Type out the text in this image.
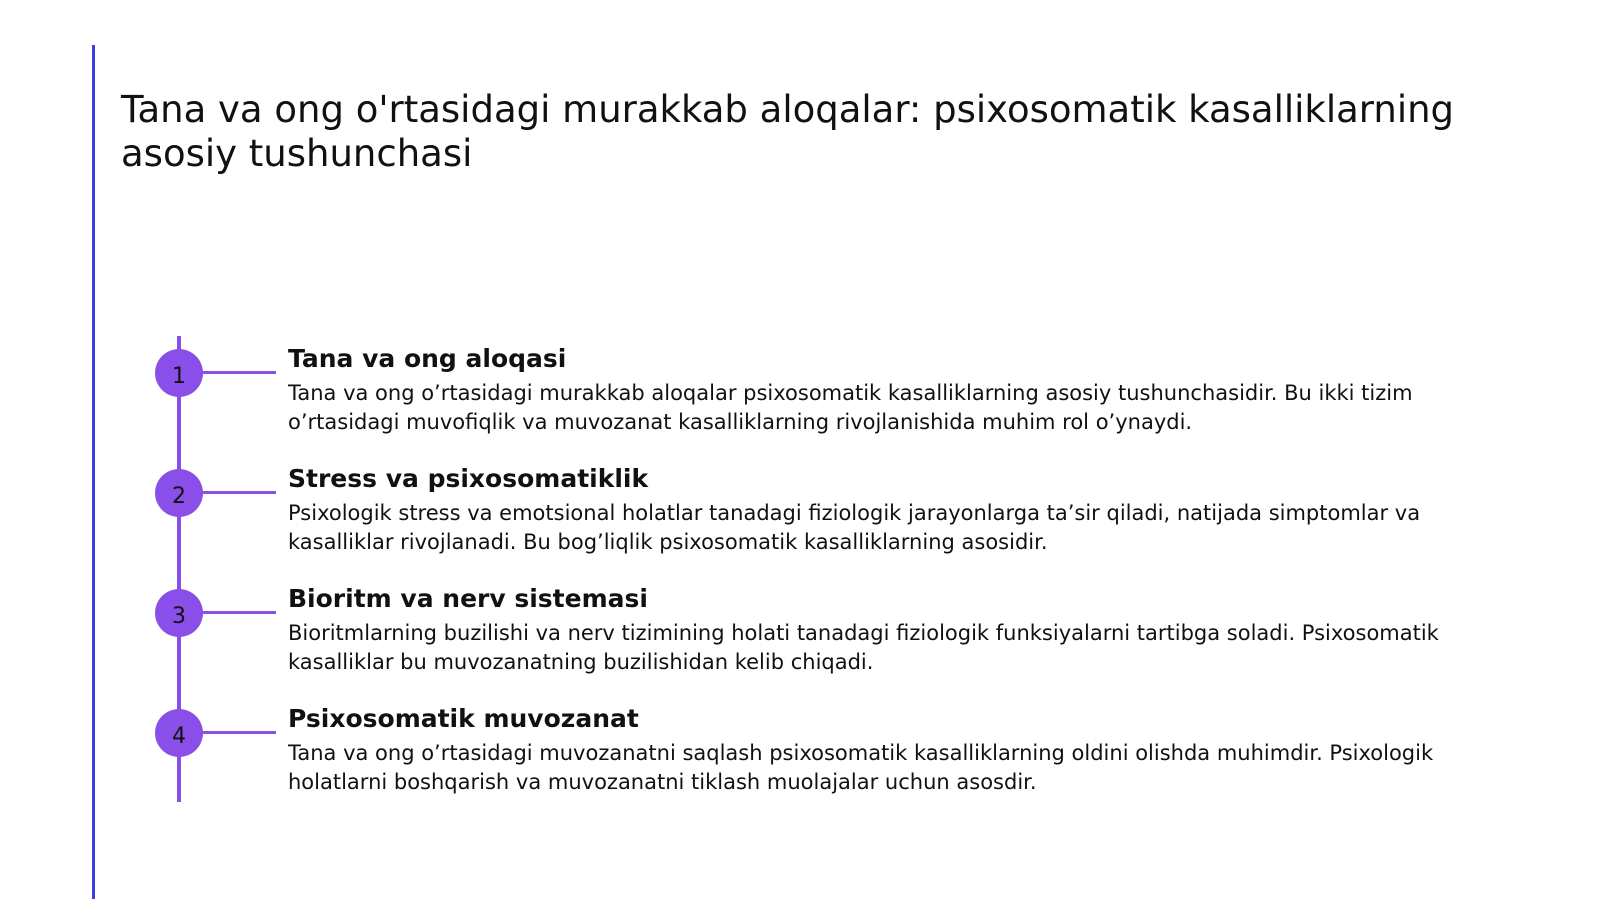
Tana va ong o'rtasidagi murakkab aloqalar: psixosomatik kasalliklarning asosiy tushunchasi
1
Tana va ong aloqasi

Tana va ong o’rtasidagi murakkab aloqalar psixosomatik kasalliklarning asosiy tushunchasidir. Bu ikki tizim o’rtasidagi muvofiqlik va muvozanat kasalliklarning rivojlanishida muhim rol o’ynaydi.

2
Stress va psixosomatiklik

Psixologik stress va emotsional holatlar tanadagi fiziologik jarayonlarga ta’sir qiladi, natijada simptomlar va kasalliklar rivojlanadi. Bu bog’liqlik psixosomatik kasalliklarning asosidir.

3
Bioritm va nerv sistemasi

Bioritmlarning buzilishi va nerv tizimining holati tanadagi fiziologik funksiyalarni tartibga soladi. Psixosomatik kasalliklar bu muvozanatning buzilishidan kelib chiqadi.

4
Psixosomatik muvozanat

Tana va ong o’rtasidagi muvozanatni saqlash psixosomatik kasalliklarning oldini olishda muhimdir. Psixologik holatlarni boshqarish va muvozanatni tiklash muolajalar uchun asosdir.
